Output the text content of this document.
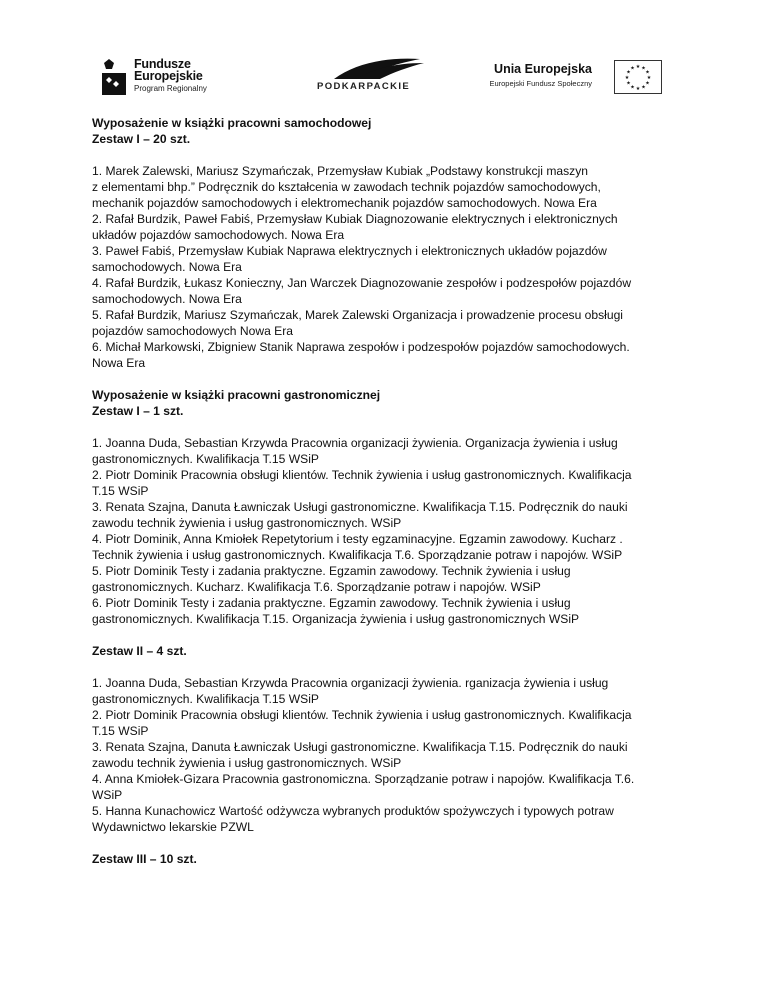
Fundusze
Europejskie
Program Regionalny	PODKARPACKIE
Unia Europejska
Europejski Fundusz Społeczny
★ ★
★
★
★
★
★
★
★
★
★
★

Wyposażenie w książki pracowni samochodowej

Zestaw I – 20 szt.

1. Marek Zalewski, Mariusz Szymańczak, Przemysław Kubiak „Podstawy konstrukcji maszyn

z elementami bhp.” Podręcznik do kształcenia w zawodach technik pojazdów samochodowych,

mechanik pojazdów samochodowych i elektromechanik pojazdów samochodowych. Nowa Era

2. Rafał Burdzik, Paweł Fabiś, Przemysław Kubiak Diagnozowanie elektrycznych i elektronicznych

układów pojazdów samochodowych. Nowa Era

3. Paweł Fabiś, Przemysław Kubiak Naprawa elektrycznych i elektronicznych układów pojazdów

samochodowych. Nowa Era

4. Rafał Burdzik, Łukasz Konieczny, Jan Warczek Diagnozowanie zespołów i podzespołów pojazdów

samochodowych. Nowa Era

5. Rafał Burdzik, Mariusz Szymańczak, Marek Zalewski Organizacja i prowadzenie procesu obsługi

pojazdów samochodowych Nowa Era

6. Michał Markowski, Zbigniew Stanik Naprawa zespołów i podzespołów pojazdów samochodowych.

Nowa Era

Wyposażenie w książki pracowni gastronomicznej

Zestaw I – 1 szt.

1. Joanna Duda, Sebastian Krzywda Pracownia organizacji żywienia. Organizacja żywienia i usług

gastronomicznych. Kwalifikacja T.15 WSiP

2. Piotr Dominik Pracownia obsługi klientów. Technik żywienia i usług gastronomicznych. Kwalifikacja

T.15 WSiP

3. Renata Szajna, Danuta Ławniczak Usługi gastronomiczne. Kwalifikacja T.15. Podręcznik do nauki

zawodu technik żywienia i usług gastronomicznych. WSiP

4. Piotr Dominik, Anna Kmiołek Repetytorium i testy egzaminacyjne. Egzamin zawodowy. Kucharz .

Technik żywienia i usług gastronomicznych. Kwalifikacja T.6. Sporządzanie potraw i napojów. WSiP

5. Piotr Dominik Testy i zadania praktyczne. Egzamin zawodowy. Technik żywienia i usług

gastronomicznych. Kucharz. Kwalifikacja T.6. Sporządzanie potraw i napojów. WSiP

6. Piotr Dominik Testy i zadania praktyczne. Egzamin zawodowy. Technik żywienia i usług

gastronomicznych. Kwalifikacja T.15. Organizacja żywienia i usług gastronomicznych WSiP

Zestaw II – 4 szt.

1. Joanna Duda, Sebastian Krzywda Pracownia organizacji żywienia. rganizacja żywienia i usług

gastronomicznych. Kwalifikacja T.15 WSiP

2. Piotr Dominik Pracownia obsługi klientów. Technik żywienia i usług gastronomicznych. Kwalifikacja

T.15 WSiP

3. Renata Szajna, Danuta Ławniczak Usługi gastronomiczne. Kwalifikacja T.15. Podręcznik do nauki

zawodu technik żywienia i usług gastronomicznych. WSiP

4. Anna Kmiołek-Gizara Pracownia gastronomiczna. Sporządzanie potraw i napojów. Kwalifikacja T.6.

WSiP

5. Hanna Kunachowicz Wartość odżywcza wybranych produktów spożywczych i typowych potraw

Wydawnictwo lekarskie PZWL

Zestaw III – 10 szt.
